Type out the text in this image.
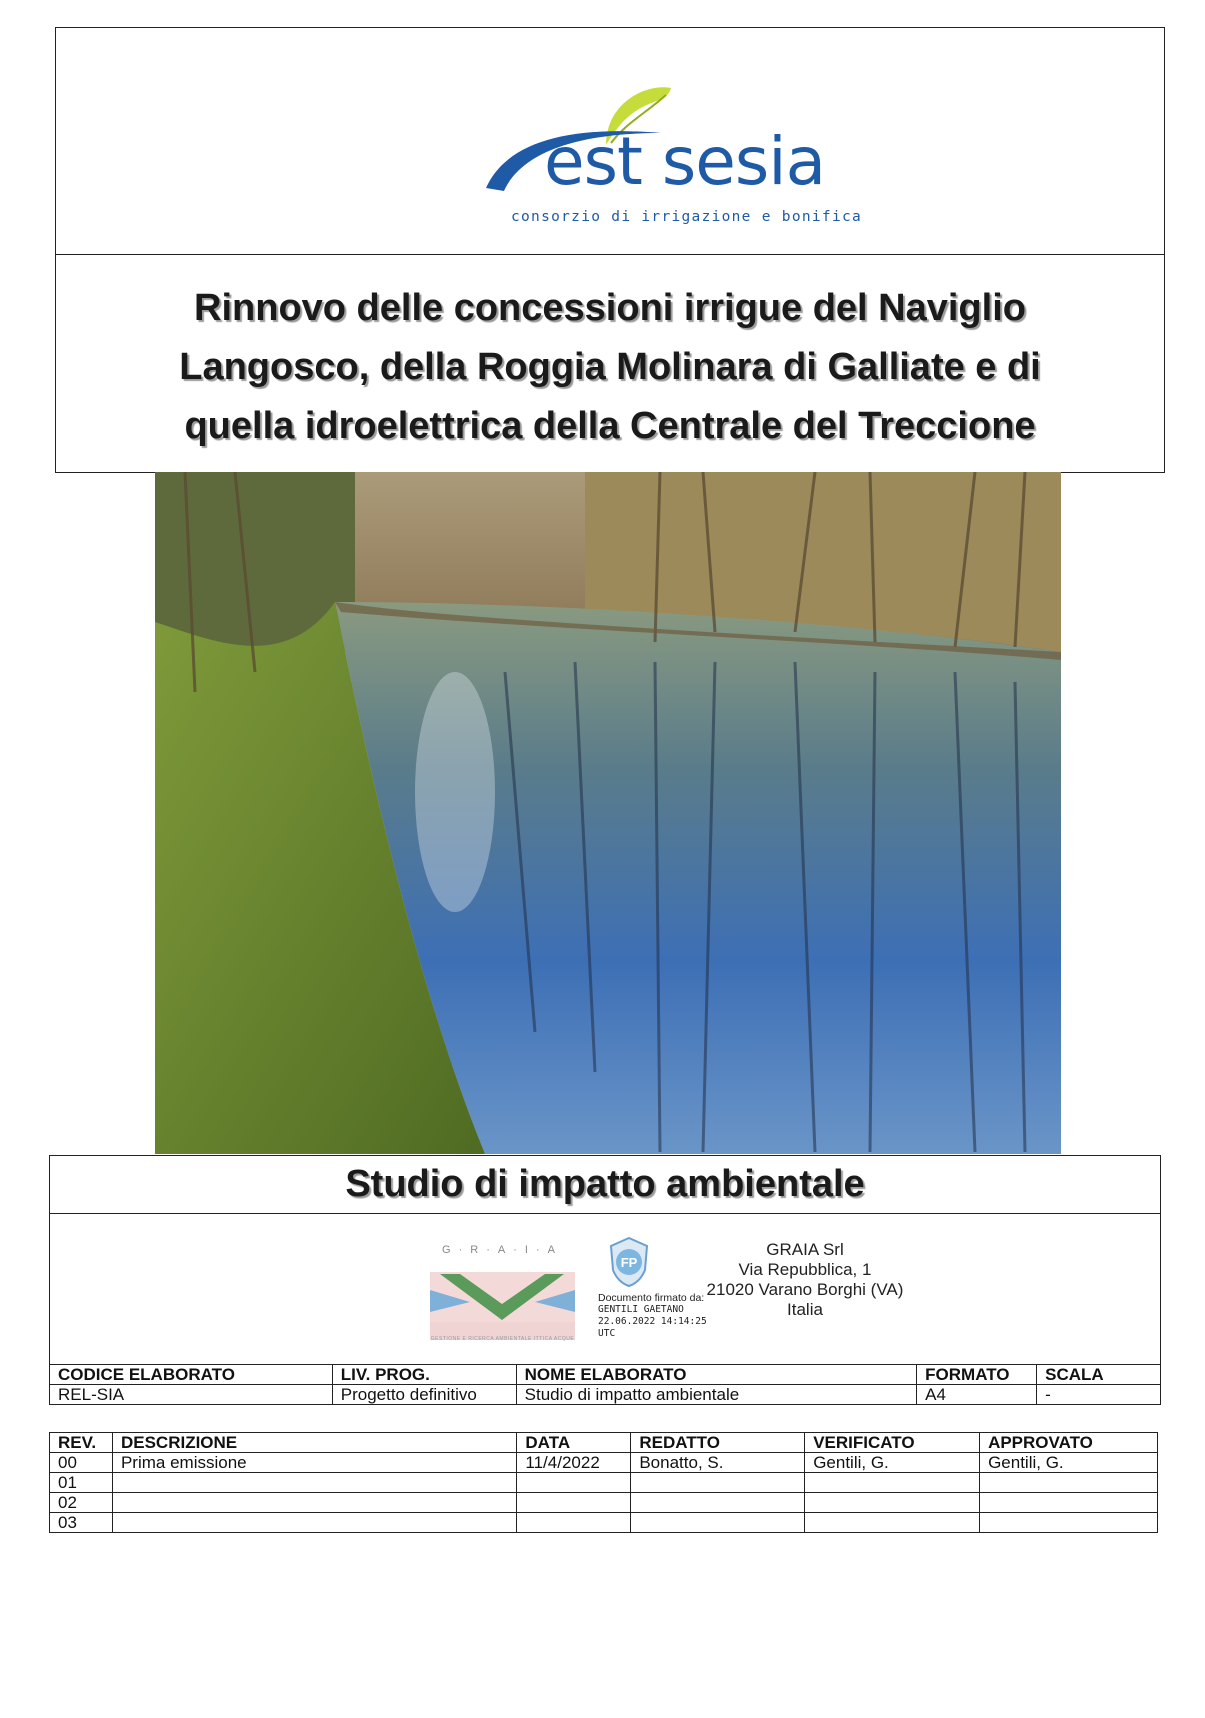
est sesia
consorzio di irrigazione e bonifica
Rinnovo delle concessioni irrigue del Naviglio
Langosco, della Roggia Molinara di Galliate e di
quella idroelettrica della Centrale del Treccione
Studio di impatto ambientale
G·R·A·I·A
GESTIONE E RICERCA AMBIENTALE ITTICA ACQUE
FP
Documento firmato da:
GENTILI GAETANO
22.06.2022 14:14:25
UTC
GRAIA Srl
Via Repubblica, 1
21020 Varano Borghi (VA)
Italia
CODICE ELABORATO	LIV. PROG.	NOME ELABORATO	FORMATO	SCALA
REL-SIA	Progetto definitivo	Studio di impatto ambientale	A4	-
REV.	DESCRIZIONE	DATA	REDATTO	VERIFICATO	APPROVATO
00	Prima emissione	11/4/2022	Bonatto, S.	Gentili, G.	Gentili, G.
01					
02					
03					
